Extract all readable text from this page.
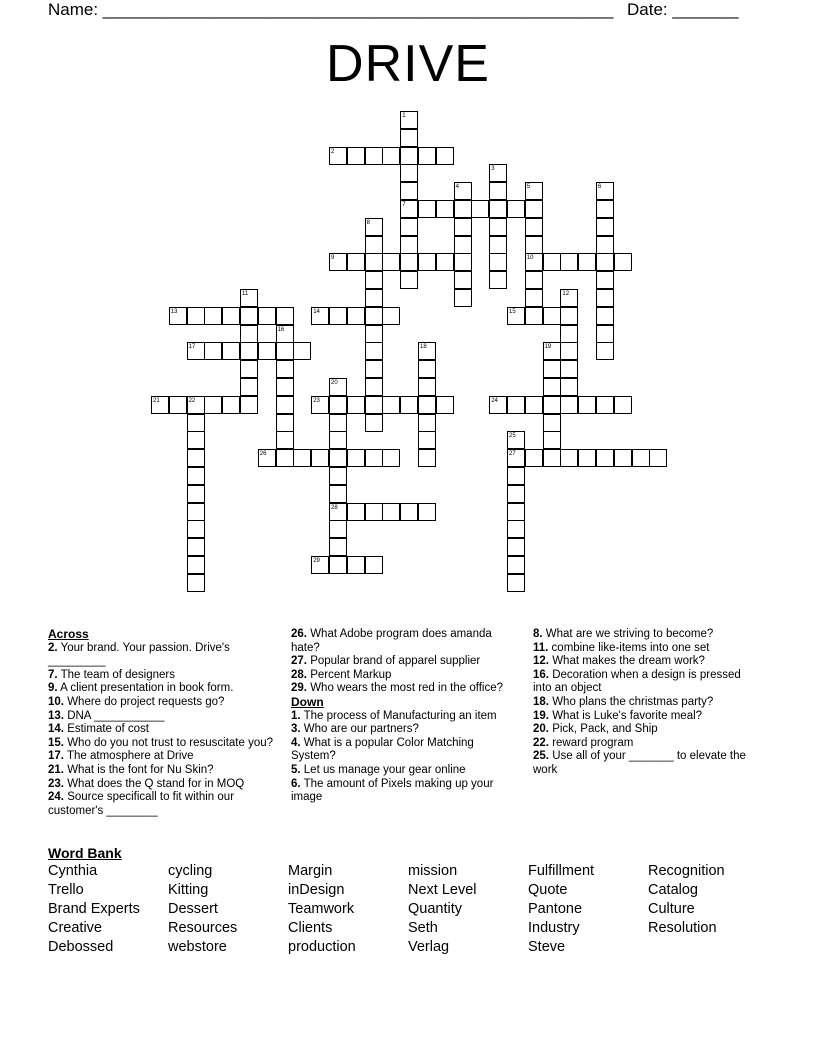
Name: ______________________________________________________ Date: _______
DRIVE
1
2
3
4	5	6
7
8
9	10
11	12
13	14	15
16
17	18	19
20
21	22	23	24
25
26	27
28
29

Across

2. Your brand. Your passion. Drive's _________

7. The team of designers

9. A client presentation in book form.

10. Where do project requests go?

13. DNA ___________

14. Estimate of cost

15. Who do you not trust to resuscitate you?

17. The atmosphere at Drive

21. What is the font for Nu Skin?

23. What does the Q stand for in MOQ

24. Source specificall to fit within our customer's ________

26. What Adobe program does amanda hate?

27. Popular brand of apparel supplier

28. Percent Markup

29. Who wears the most red in the office?

Down

1. The process of Manufacturing an item

3. Who are our partners?

4. What is a popular Color Matching System?

5. Let us manage your gear online

6. The amount of Pixels making up your image

8. What are we striving to become?

11. combine like-items into one set

12. What makes the dream work?

16. Decoration when a design is pressed into an object

18. Who plans the christmas party?

19. What is Luke's favorite meal?

20. Pick, Pack, and Ship

22. reward program

25. Use all of your _______ to elevate the work

Word Bank
Cynthia	cycling	Margin	mission	Fulfillment	Recognition
Trello	Kitting	inDesign	Next Level	Quote	Catalog
Brand Experts	Dessert	Teamwork	Quantity	Pantone	Culture
Creative	Resources	Clients	Seth	Industry	Resolution
Debossed	webstore	production	Verlag	Steve
